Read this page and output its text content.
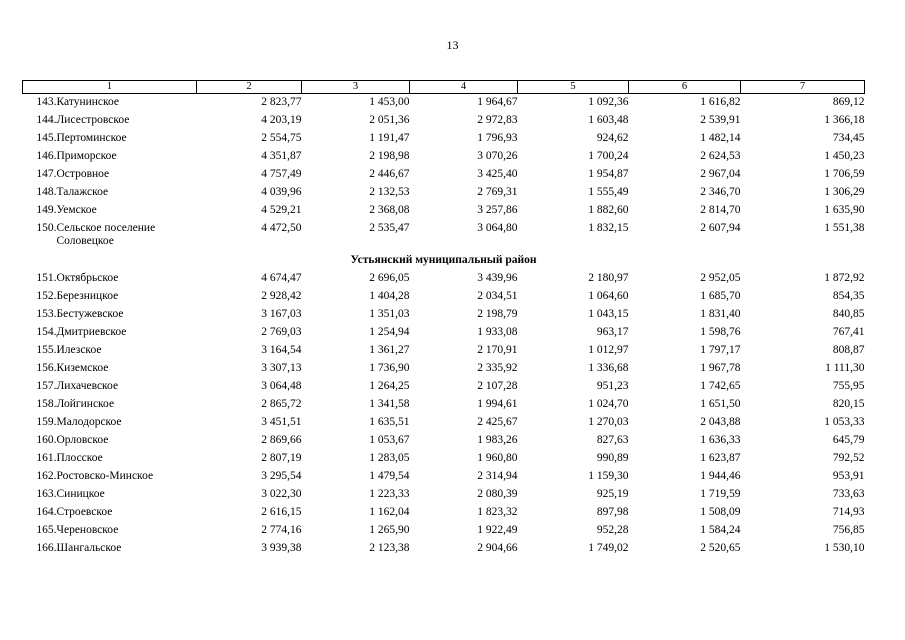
13
1		2	3	4	5	6	7
143.	Катунинское	2 823,77	1 453,00	1 964,67	1 092,36	1 616,82	869,12
144.	Лисестровское	4 203,19	2 051,36	2 972,83	1 603,48	2 539,91	1 366,18
145.	Пертоминское	2 554,75	1 191,47	1 796,93	924,62	1 482,14	734,45
146.	Приморское	4 351,87	2 198,98	3 070,26	1 700,24	2 624,53	1 450,23
147.	Островное	4 757,49	2 446,67	3 425,40	1 954,87	2 967,04	1 706,59
148.	Талажское	4 039,96	2 132,53	2 769,31	1 555,49	2 346,70	1 306,29
149.	Уемское	4 529,21	2 368,08	3 257,86	1 882,60	2 814,70	1 635,90
150.	Сельское поселение Соловецкое	4 472,50	2 535,47	3 064,80	1 832,15	2 607,94	1 551,38
Устьянский муниципальный район							
151.	Октябрьское	4 674,47	2 696,05	3 439,96	2 180,97	2 952,05	1 872,92
152.	Березницкое	2 928,42	1 404,28	2 034,51	1 064,60	1 685,70	854,35
153.	Бестужевское	3 167,03	1 351,03	2 198,79	1 043,15	1 831,40	840,85
154.	Дмитриевское	2 769,03	1 254,94	1 933,08	963,17	1 598,76	767,41
155.	Илезское	3 164,54	1 361,27	2 170,91	1 012,97	1 797,17	808,87
156.	Киземское	3 307,13	1 736,90	2 335,92	1 336,68	1 967,78	1 111,30
157.	Лихачевское	3 064,48	1 264,25	2 107,28	951,23	1 742,65	755,95
158.	Лойгинское	2 865,72	1 341,58	1 994,61	1 024,70	1 651,50	820,15
159.	Малодорское	3 451,51	1 635,51	2 425,67	1 270,03	2 043,88	1 053,33
160.	Орловское	2 869,66	1 053,67	1 983,26	827,63	1 636,33	645,79
161.	Плосское	2 807,19	1 283,05	1 960,80	990,89	1 623,87	792,52
162.	Ростовско-Минское	3 295,54	1 479,54	2 314,94	1 159,30	1 944,46	953,91
163.	Синицкое	3 022,30	1 223,33	2 080,39	925,19	1 719,59	733,63
164.	Строевское	2 616,15	1 162,04	1 823,32	897,98	1 508,09	714,93
165.	Череновское	2 774,16	1 265,90	1 922,49	952,28	1 584,24	756,85
166.	Шангальское	3 939,38	2 123,38	2 904,66	1 749,02	2 520,65	1 530,10
